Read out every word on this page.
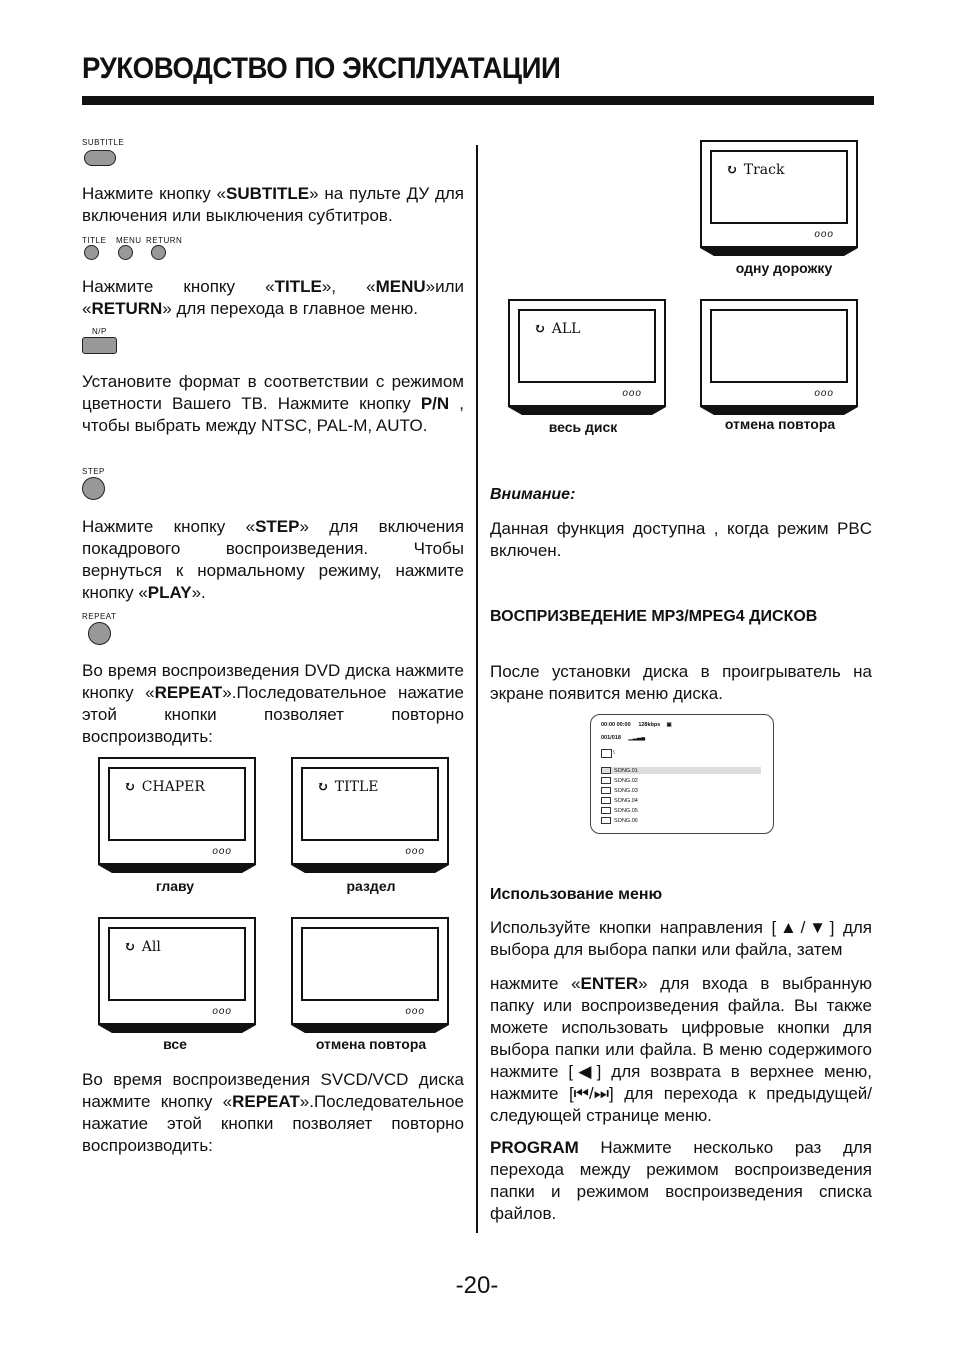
РУКОВОДСТВО ПО ЭКСПЛУАТАЦИИ
SUBTITLE
Нажмите кнопку «SUBTITLE» на пульте ДУ для включения или выключения субтитров.
TITLE MENU RETURN
Нажмите кнопку «TITLE», «MENU»или «RETURN» для перехода в главное меню.
N/P
Установите формат в соответствии с режимом цветности Вашего ТВ. Нажмите кнопку P/N , чтобы выбрать между NTSC, PAL-M, AUTO.
STEP
Нажмите кнопку «STEP» для включения покадрового воспроизведения. Чтобы вернуться к нормальному режиму, нажмите кнопку «PLAY».
REPEAT
Во время воспроизведения DVD диска нажмите кнопку «REPEAT».Последовательное нажатие этой кнопки позволяет повторно воспроизводить:
↻ CHAPER
ooo
↻ TITLE
ooo
главу	раздел
↻ All
ooo	ooo
все	отмена повтора
Во время воспроизведения SVCD/VCD диска нажмите кнопку «REPEAT».Последовательное нажатие этой кнопки позволяет повторно воспроизводить:
↻ Track
ooo
одну дорожку
↻ ALL
ooo	ooo
весь диск	отмена повтора
Внимание:
Данная функция доступна , когда режим PBC включен.
ВОСПРИЗВЕДЕНИЕ MP3/MPEG4 ДИСКОВ
После установки диска в проигрыватель на экране появится меню диска.
00:00 00:00 128kbps    ▣
001/018     ▁▂▃▄
\
SONG.01
SONG.02
SONG.03
SONG.04
SONG.05
SONG.06
Использование меню
Используйте кнопки направления [▲/▼] для выбора для выбора папки или файла, затем
нажмите «ENTER» для входа в выбранную папку или воспроизведения файла. Вы также можете использовать цифровые кнопки для выбора папки или файла. В меню содержимого нажмите [◀] для возврата в верхнее меню, нажмите [⏮/⏭] для перехода к предыдущей/следующей странице меню.
PROGRAM Нажмите несколько раз для перехода между режимом воспроизведения папки и режимом воспроизведения списка файлов.
-20-
